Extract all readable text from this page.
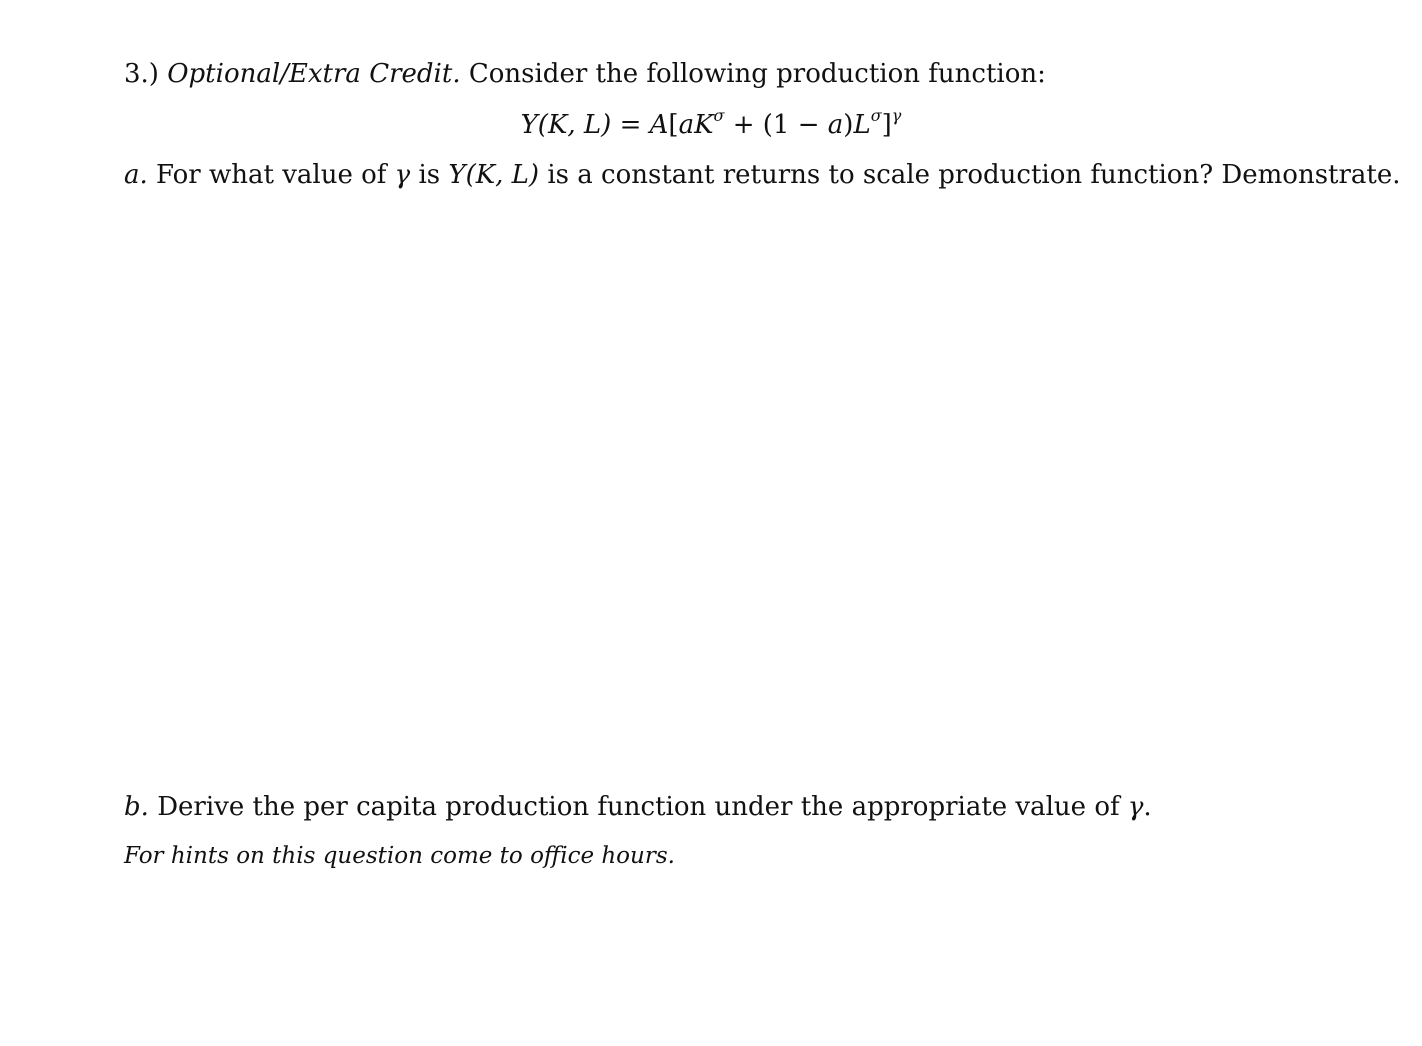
3.) Optional/Extra Credit. Consider the following production function:
Y(K, $L) = A[aK^\sigma + (1 - a)L^\sigma]^\gamma$
a. For what value of γ is Y(K, L) is a constant returns to scale production function? Demonstrate.
b. Derive the per capita production function under the appropriate value of γ.
For hints on this question come to office hours.
